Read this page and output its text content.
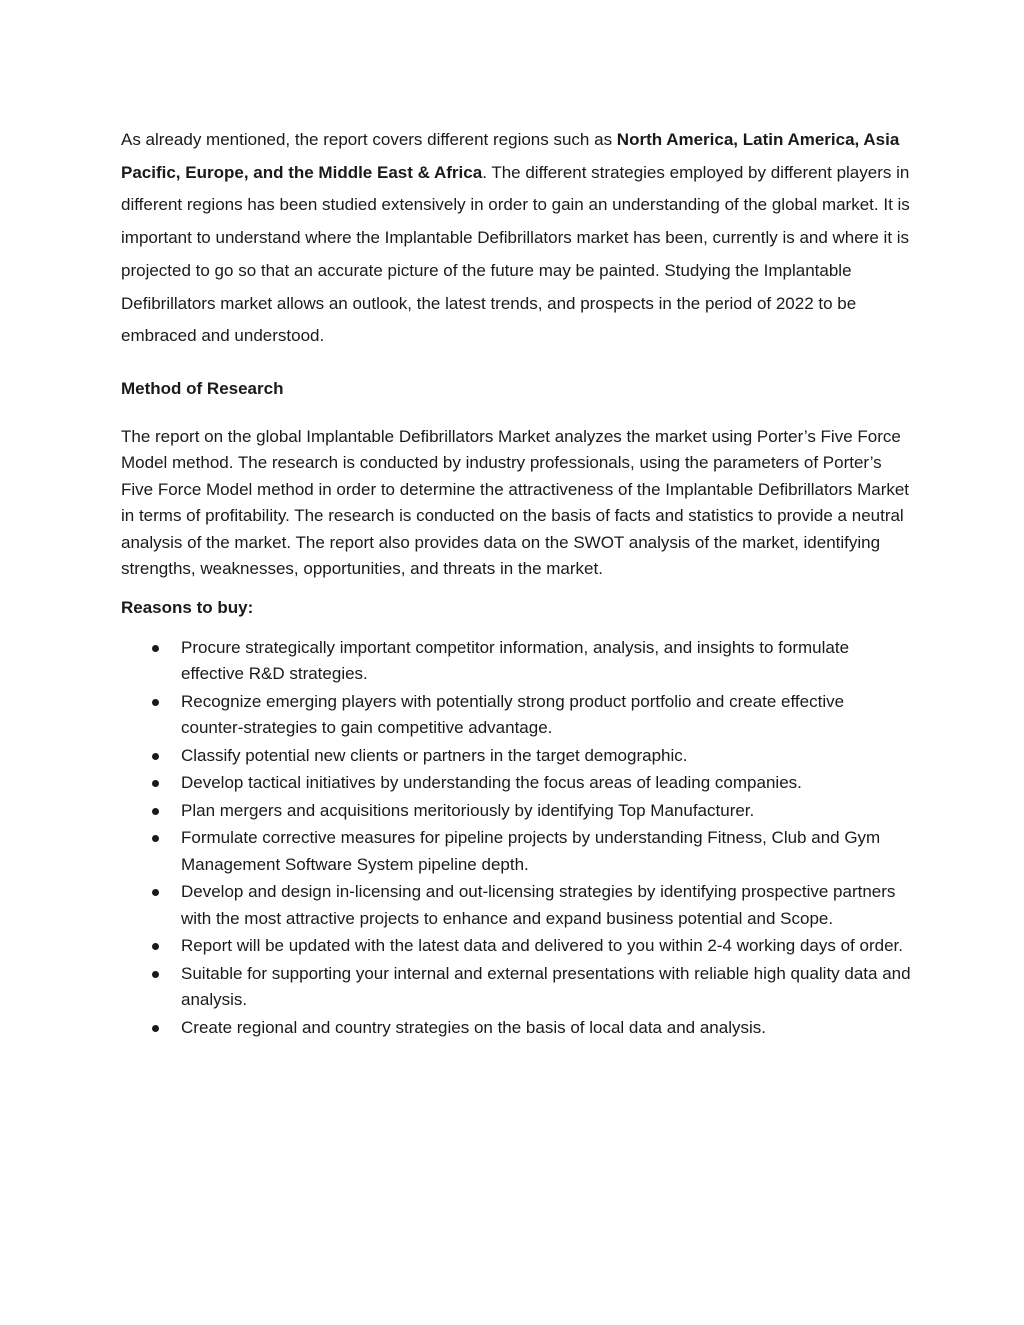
As already mentioned, the report covers different regions such as North America, Latin America, Asia Pacific, Europe, and the Middle East & Africa. The different strategies employed by different players in different regions has been studied extensively in order to gain an understanding of the global market. It is important to understand where the Implantable Defibrillators market has been, currently is and where it is projected to go so that an accurate picture of the future may be painted. Studying the Implantable Defibrillators market allows an outlook, the latest trends, and prospects in the period of 2022 to be embraced and understood.

Method of Research

The report on the global Implantable Defibrillators Market analyzes the market using Porter’s Five Force Model method. The research is conducted by industry professionals, using the parameters of Porter’s Five Force Model method in order to determine the attractiveness of the Implantable Defibrillators Market in terms of profitability. The research is conducted on the basis of facts and statistics to provide a neutral analysis of the market. The report also provides data on the SWOT analysis of the market, identifying strengths, weaknesses, opportunities, and threats in the market.

Reasons to buy:
Procure strategically important competitor information, analysis, and insights to formulate effective R&D strategies.
Recognize emerging players with potentially strong product portfolio and create effective counter-strategies to gain competitive advantage.
Classify potential new clients or partners in the target demographic.
Develop tactical initiatives by understanding the focus areas of leading companies.
Plan mergers and acquisitions meritoriously by identifying Top Manufacturer.
Formulate corrective measures for pipeline projects by understanding Fitness, Club and Gym Management Software System pipeline depth.
Develop and design in-licensing and out-licensing strategies by identifying prospective partners with the most attractive projects to enhance and expand business potential and Scope.
Report will be updated with the latest data and delivered to you within 2-4 working days of order.
Suitable for supporting your internal and external presentations with reliable high quality data and analysis.
Create regional and country strategies on the basis of local data and analysis.
